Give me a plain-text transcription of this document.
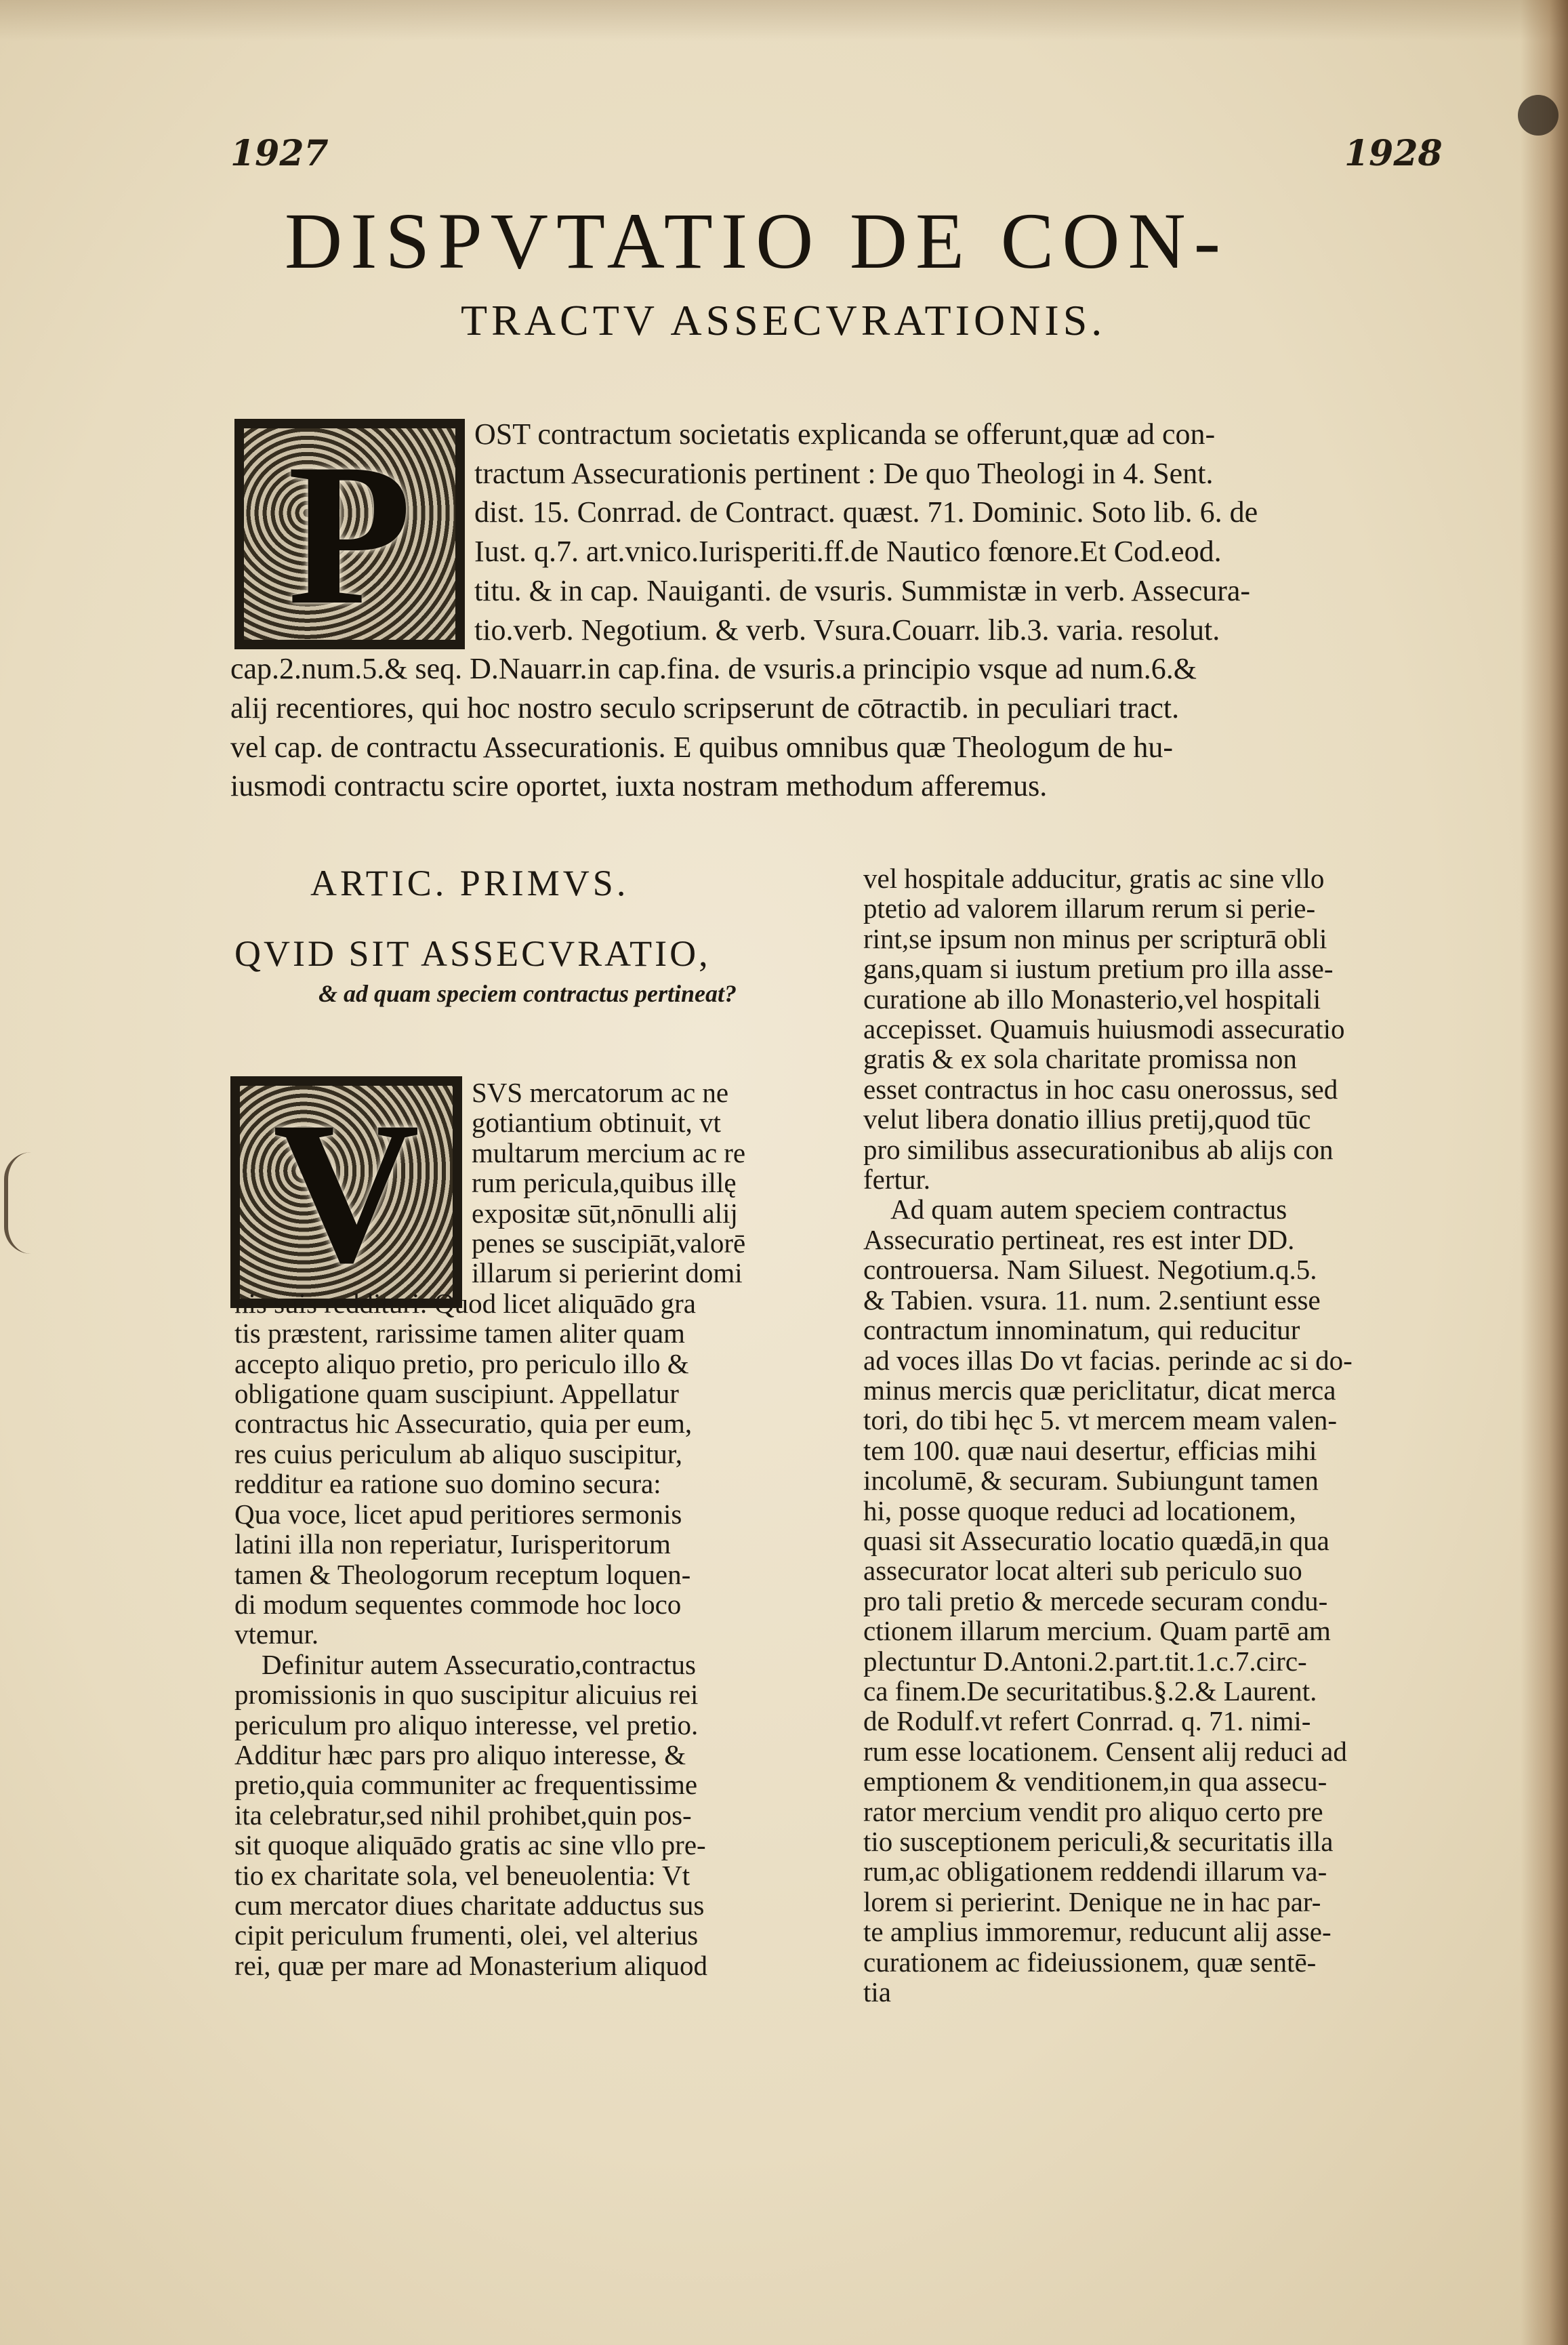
1927	1928
DISPVTATIO DE CON-
TRACTV ASSECVRATIONIS.
P	OST contractum societatis explicanda se offerunt,quæ ad con-
tractum Assecurationis pertinent : De quo Theologi in 4. Sent.
dist. 15. Conrrad. de Contract. quæst. 71. Dominic. Soto lib. 6. de
Iust. q.7. art.vnico.Iurisperiti.ff.de Nautico fœnore.Et Cod.eod.
titu. & in cap. Nauiganti. de vsuris. Summistæ in verb. Assecura-
tio.verb. Negotium. & verb. Vsura.Couarr. lib.3. varia. resolut.
cap.2.num.5.& seq. D.Nauarr.in cap.fina. de vsuris.a principio vsque ad num.6.&
alij recentiores, qui hoc nostro seculo scripserunt de cōtractib. in peculiari tract.
vel cap. de contractu Assecurationis. E quibus omnibus quæ Theologum de hu-
iusmodi contractu scire oportet, iuxta nostram methodum afferemus.
ARTIC. PRIMVS.
QVID SIT ASSECVRATIO,
& ad quam speciem contractus pertineat?
V	SVS mercatorum ac ne
gotiantium obtinuit, vt
multarum mercium ac re
rum pericula,quibus illę
expositæ sūt,nōnulli alij
penes se suscipiāt,valorē
illarum si perierint domi
nis suis reddituri: Quod licet aliquādo gra
tis præstent, rarissime tamen aliter quam
accepto aliquo pretio, pro periculo illo &
obligatione quam suscipiunt. Appellatur
contractus hic Assecuratio, quia per eum,
res cuius periculum ab aliquo suscipitur,
redditur ea ratione suo domino secura:
Qua voce, licet apud peritiores sermonis
latini illa non reperiatur, Iurisperitorum
tamen & Theologorum receptum loquen-
di modum sequentes commode hoc loco
vtemur.
Definitur autem Assecuratio,contractus
promissionis in quo suscipitur alicuius rei
periculum pro aliquo interesse, vel pretio.
Additur hæc pars pro aliquo interesse, &
pretio,quia communiter ac frequentissime
ita celebratur,sed nihil prohibet,quin pos-
sit quoque aliquādo gratis ac sine vllo pre-
tio ex charitate sola, vel beneuolentia: Vt
cum mercator diues charitate adductus sus
cipit periculum frumenti, olei, vel alterius
rei, quæ per mare ad Monasterium aliquod
vel hospitale adducitur, gratis ac sine vllo
ptetio ad valorem illarum rerum si perie-
rint,se ipsum non minus per scripturā obli
gans,quam si iustum pretium pro illa asse-
curatione ab illo Monasterio,vel hospitali
accepisset. Quamuis huiusmodi assecuratio
gratis & ex sola charitate promissa non
esset contractus in hoc casu onerossus, sed
velut libera donatio illius pretij,quod tūc
pro similibus assecurationibus ab alijs con
fertur.
Ad quam autem speciem contractus
Assecuratio pertineat, res est inter DD.
controuersa. Nam Siluest. Negotium.q.5.
& Tabien. vsura. 11. num. 2.sentiunt esse
contractum innominatum, qui reducitur
ad voces illas Do vt facias. perinde ac si do-
minus mercis quæ periclitatur, dicat merca
tori, do tibi hęc 5. vt mercem meam valen-
tem 100. quæ naui desertur, efficias mihi
incolumē, & securam. Subiungunt tamen
hi, posse quoque reduci ad locationem,
quasi sit Assecuratio locatio quædā,in qua
assecurator locat alteri sub periculo suo
pro tali pretio & mercede securam condu-
ctionem illarum mercium. Quam partē am
plectuntur D.Antoni.2.part.tit.1.c.7.circ-
ca finem.De securitatibus.§.2.& Laurent.
de Rodulf.vt refert Conrrad. q. 71. nimi-
rum esse locationem. Censent alij reduci ad
emptionem & venditionem,in qua assecu-
rator mercium vendit pro aliquo certo pre
tio susceptionem periculi,& securitatis illa
rum,ac obligationem reddendi illarum va-
lorem si perierint. Denique ne in hac par-
te amplius immoremur, reducunt alij asse-
curationem ac fideiussionem, quæ sentē-
tia
